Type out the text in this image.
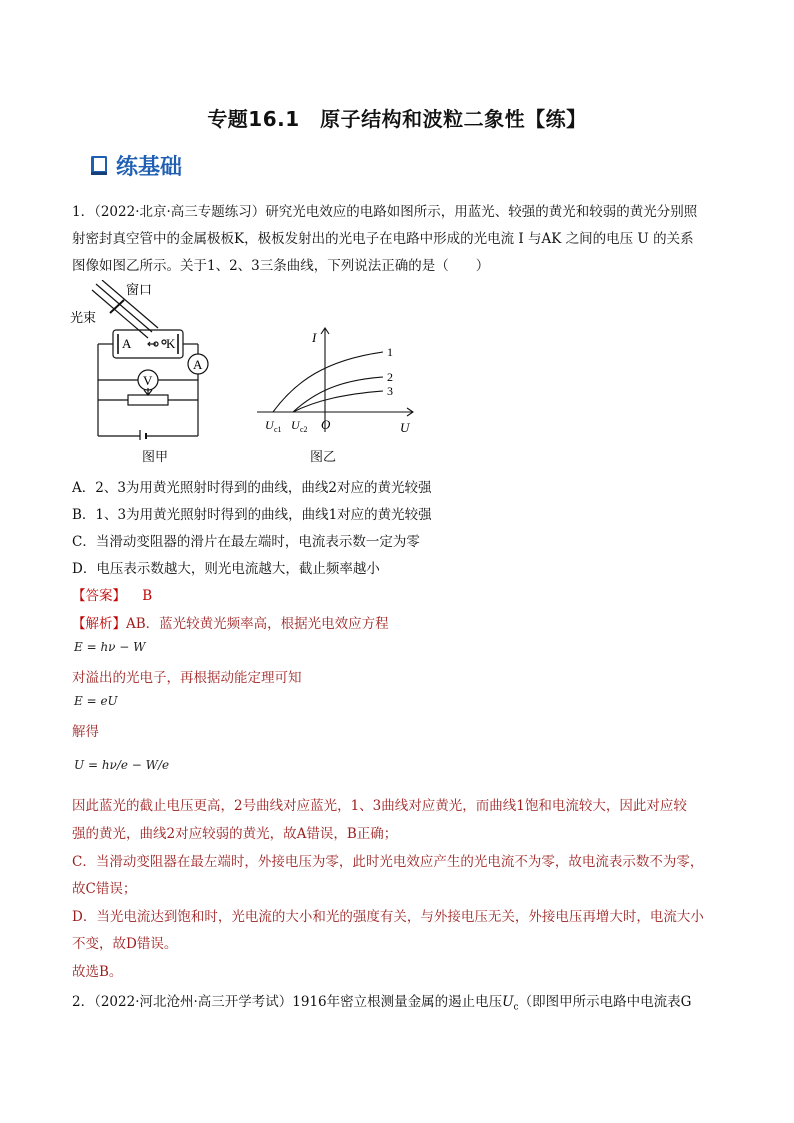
专题16.1　原子结构和波粒二象性【练】
练基础
1．（2022·北京·高三专题练习）研究光电效应的电路如图所示，用蓝光、较强的黄光和较弱的黄光分别照
射密封真空管中的金属极板K，极板发射出的光电子在电路中形成的光电流 I 与AK 之间的电压 U 的关系
图像如图乙所示。关于1、2、3三条曲线，下列说法正确的是（　　）
A	K
A
V
窗口
光束
图甲
I
U
O
U c1 U c2
1
2
3
图乙
A．2、3为用黄光照射时得到的曲线，曲线2对应的黄光较强
B．1、3为用黄光照射时得到的曲线，曲线1对应的黄光较强
C．当滑动变阻器的滑片在最左端时，电流表示数一定为零
D．电压表示数越大，则光电流越大，截止频率越小
【答案】 B
【解析】AB．蓝光较黄光频率高，根据光电效应方程
E = hν − W
对溢出的光电子，再根据动能定理可知
E = eU
解得
U = hν/e − W/e
因此蓝光的截止电压更高，2号曲线对应蓝光，1、3曲线对应黄光，而曲线1饱和电流较大，因此对应较
强的黄光，曲线2对应较弱的黄光，故A错误，B正确；
C．当滑动变阻器在最左端时，外接电压为零，此时光电效应产生的光电流不为零，故电流表示数不为零，
故C错误；
D．当光电流达到饱和时，光电流的大小和光的强度有关，与外接电压无关，外接电压再增大时，电流大小
不变，故D错误。
故选B。
2．（2022·河北沧州·高三开学考试）1916年密立根测量金属的遏止电压$U_c$（即图甲所示电路中电流表G
